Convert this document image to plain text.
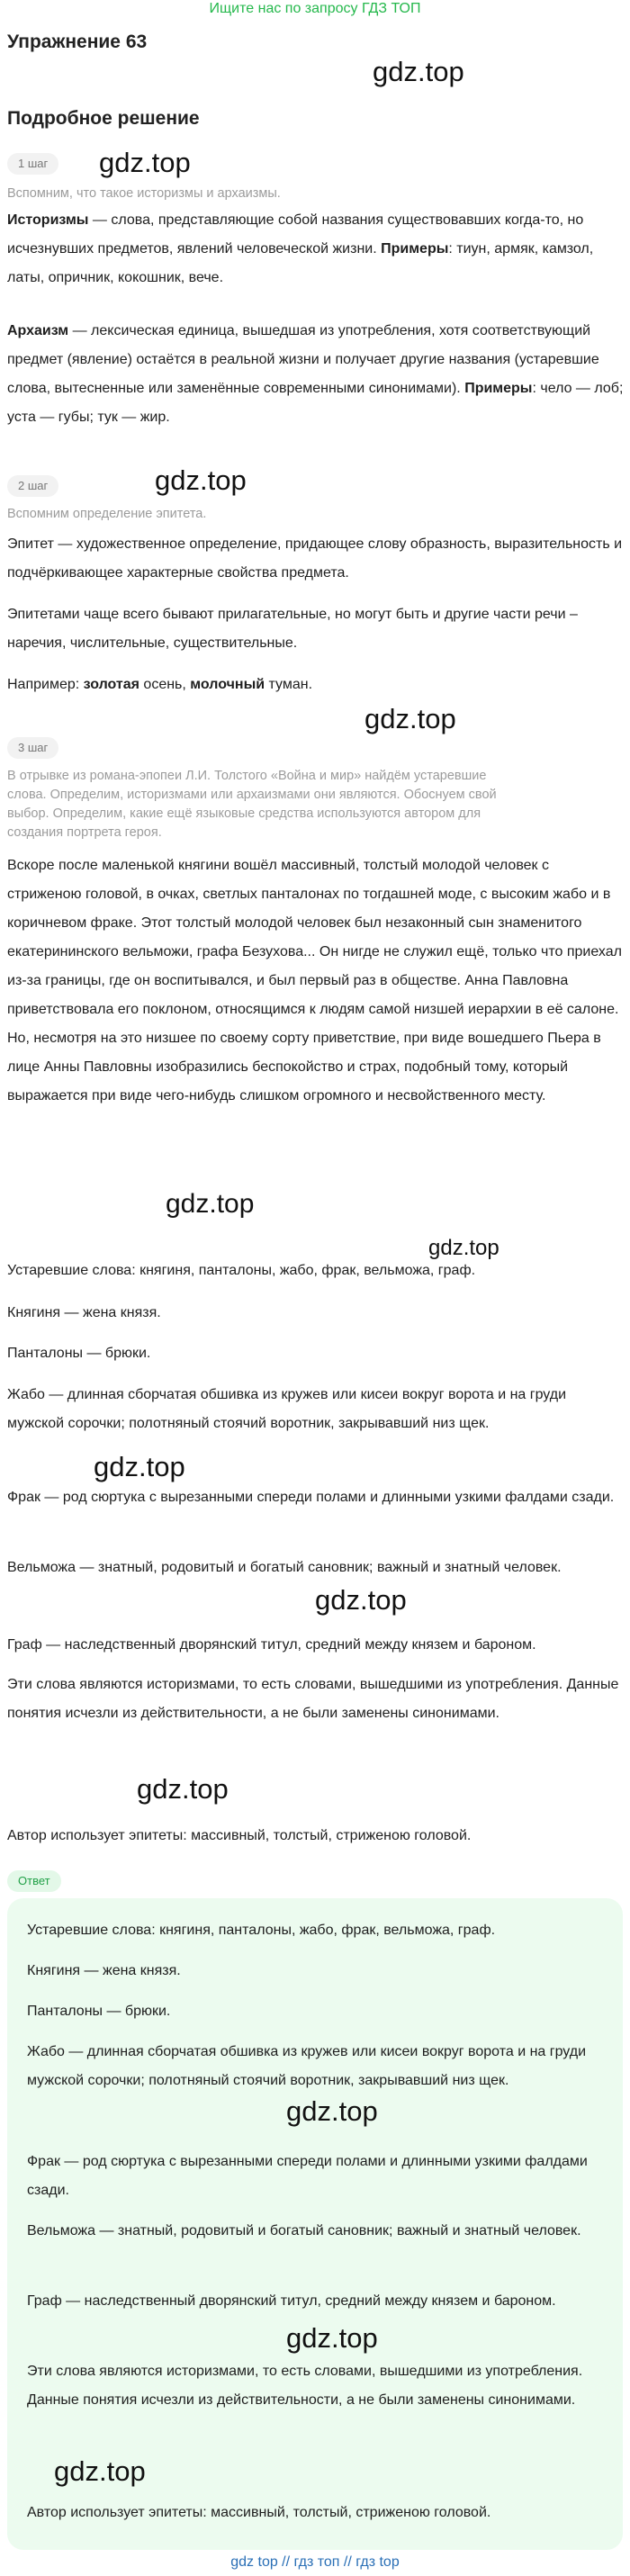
Ищите нас по запросу ГДЗ ТОП
Упражнение 63
gdz.top
Подробное решение
1 шаг	gdz.top
Вспомним, что такое историзмы и архаизмы.

Историзмы — слова, представляющие собой названия существовавших когда-то, но исчезнувших предметов, явлений человеческой жизни. Примеры: тиун, армяк, камзол, латы, опричник, кокошник, вече.

Архаизм — лексическая единица, вышедшая из употребления, хотя соответствующий предмет (явление) остаётся в реальной жизни и получает другие названия (устаревшие слова, вытесненные или заменённые современными синонимами). Примеры: чело — лоб; уста — губы; тук — жир.

gdz.top
2 шаг
Вспомним определение эпитета.

Эпитет — художественное определение, придающее слову образность, выразительность и подчёркивающее характерные свойства предмета.

Эпитетами чаще всего бывают прилагательные, но могут быть и другие части речи – наречия, числительные, существительные.

Например: золотая осень, молочный туман.

gdz.top
3 шаг
В отрывке из романа-эпопеи Л.И. Толстого «Война и мир» найдём устаревшие слова. Определим, историзмами или архаизмами они являются. Обоснуем свой выбор. Определим, какие ещё языковые средства используются автором для создания портрета героя.

Вскоре после маленькой княгини вошёл массивный, толстый молодой человек с стриженою головой, в очках, светлых панталонах по тогдашней моде, с высоким жабо и в коричневом фраке. Этот толстый молодой человек был незаконный сын знаменитого екатерининского вельможи, графа Безухова... Он нигде не служил ещё, только что приехал из-за границы, где он воспитывался, и был первый раз в обществе. Анна Павловна приветствовала его поклоном, относящимся к людям самой низшей иерархии в её салоне. Но, несмотря на это низшее по своему сорту приветствие, при виде вошедшего Пьера в лице Анны Павловны изобразились беспокойство и страх, подобный тому, который выражается при виде чего-нибудь слишком огромного и несвойственного месту.

gdz.top
gdz.top

Устаревшие слова: княгиня, панталоны, жабо, фрак, вельможа, граф.

Княгиня — жена князя.

Панталоны — брюки.

Жабо — длинная сборчатая обшивка из кружев или кисеи вокруг ворота и на груди мужской сорочки; полотняный стоячий воротник, закрывавший низ щек.

gdz.top

Фрак — род сюртука с вырезанными спереди полами и длинными узкими фалдами сзади.

gdz.top

Вельможа — знатный, родовитый и богатый сановник; важный и знатный человек.

Граф — наследственный дворянский титул, средний между князем и бароном.

Эти слова являются историзмами, то есть словами, вышедшими из употребления. Данные понятия исчезли из действительности, а не были заменены синонимами.

gdz.top

Автор использует эпитеты: массивный, толстый, стриженою головой.

Ответ

Устаревшие слова: княгиня, панталоны, жабо, фрак, вельможа, граф.

Княгиня — жена князя.

Панталоны — брюки.

Жабо — длинная сборчатая обшивка из кружев или кисеи вокруг ворота и на груди мужской сорочки; полотняный стоячий воротник, закрывавший низ щек.

gdz.top

Фрак — род сюртука с вырезанными спереди полами и длинными узкими фалдами сзади.

Вельможа — знатный, родовитый и богатый сановник; важный и знатный человек.

Граф — наследственный дворянский титул, средний между князем и бароном.

gdz.top

Эти слова являются историзмами, то есть словами, вышедшими из употребления. Данные понятия исчезли из действительности, а не были заменены синонимами.

gdz.top

Автор использует эпитеты: массивный, толстый, стриженою головой.

gdz top // гдз топ // гдз top
